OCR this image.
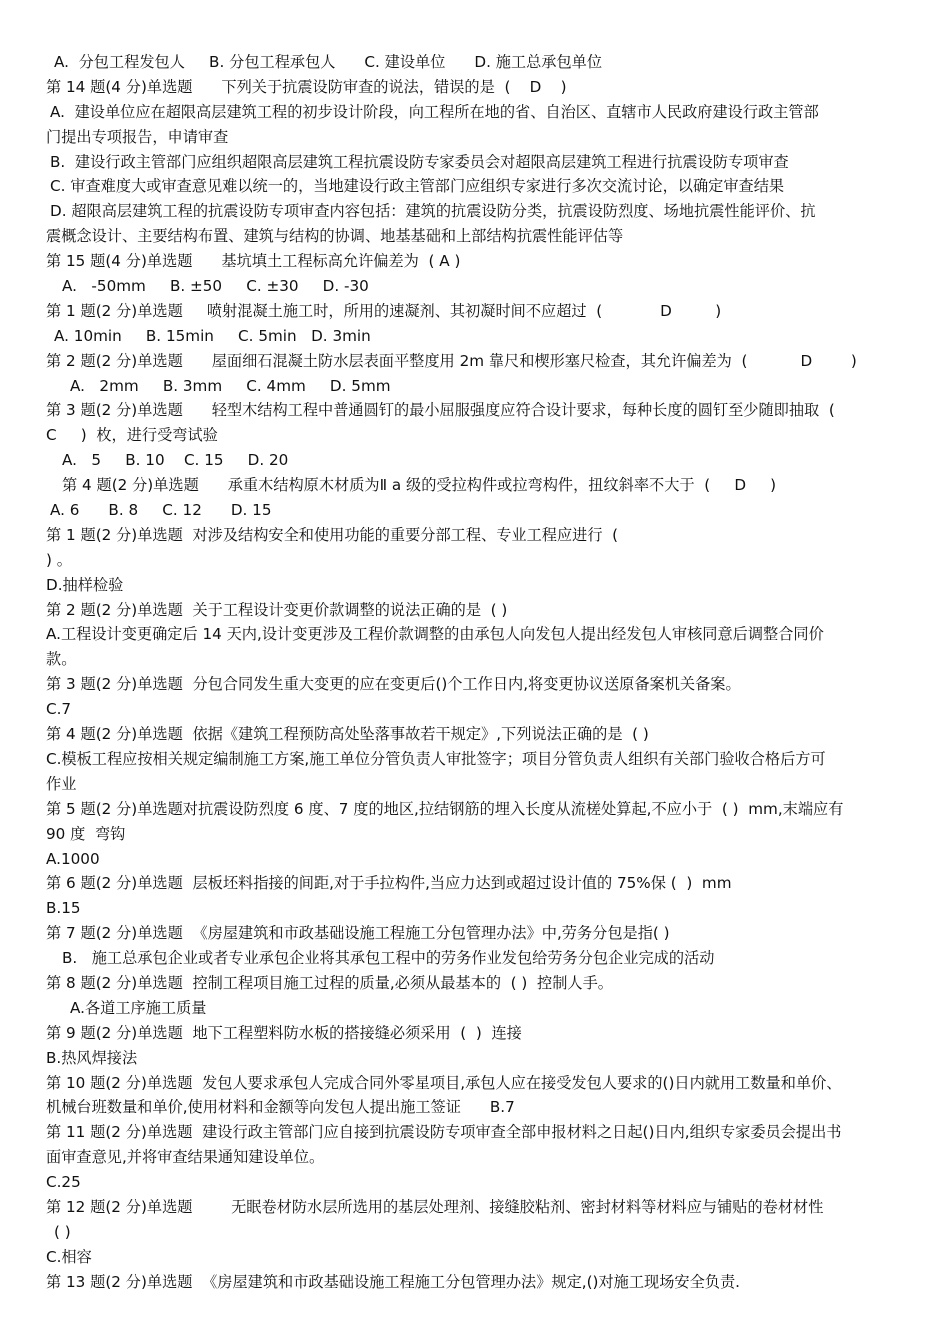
A.  分包工程发包人     B. 分包工程承包人      C. 建设单位      D. 施工总承包单位
第 14 题(4 分)单选题      下列关于抗震设防审查的说法，错误的是  (    D    )
A.  建设单位应在超限高层建筑工程的初步设计阶段，向工程所在地的省、自治区、直辖市人民政府建设行政主管部
门提出专项报告，申请审查
B.  建设行政主管部门应组织超限高层建筑工程抗震设防专家委员会对超限高层建筑工程进行抗震设防专项审查
C. 审查难度大或审查意见难以统一的，当地建设行政主管部门应组织专家进行多次交流讨论，以确定审查结果
D. 超限高层建筑工程的抗震设防专项审查内容包括：建筑的抗震设防分类，抗震设防烈度、场地抗震性能评价、抗
震概念设计、主要结构布置、建筑与结构的协调、地基基础和上部结构抗震性能评估等
第 15 题(4 分)单选题      基坑填土工程标高允许偏差为  ( A )
A.   -50mm     B. ±50     C. ±30     D. -30
第 1 题(2 分)单选题     喷射混凝土施工时，所用的速凝剂、其初凝时间不应超过  (            D         )
A. 10min     B. 15min     C. 5min   D. 3min
第 2 题(2 分)单选题      屋面细石混凝土防水层表面平整度用 2m 靠尺和楔形塞尺检查，其允许偏差为  (           D        )
A.   2mm     B. 3mm     C. 4mm     D. 5mm
第 3 题(2 分)单选题      轻型木结构工程中普通圆钉的最小屈服强度应符合设计要求，每种长度的圆钉至少随即抽取  (
C     )  枚，进行受弯试验
A.   5     B. 10    C. 15     D. 20
第 4 题(2 分)单选题      承重木结构原木材质为Ⅱ a 级的受拉构件或拉弯构件，扭纹斜率不大于  (     D     )
A. 6      B. 8     C. 12      D. 15
第 1 题(2 分)单选题  对涉及结构安全和使用功能的重要分部工程、专业工程应进行  (
) 。
D.抽样检验
第 2 题(2 分)单选题  关于工程设计变更价款调整的说法正确的是  ( )
A.工程设计变更确定后 14 天内,设计变更涉及工程价款调整的由承包人向发包人提出经发包人审核同意后调整合同价
款。
第 3 题(2 分)单选题  分包合同发生重大变更的应在变更后()个工作日内,将变更协议送原备案机关备案。
C.7
第 4 题(2 分)单选题  依据《建筑工程预防高处坠落事故若干规定》,下列说法正确的是  ( )
C.模板工程应按相关规定编制施工方案,施工单位分管负责人审批签字；项目分管负责人组织有关部门验收合格后方可
作业
第 5 题(2 分)单选题对抗震设防烈度 6 度、7 度的地区,拉结钢筋的埋入长度从流槎处算起,不应小于  ( )  mm,末端应有
90 度  弯钩
A.1000
第 6 题(2 分)单选题  层板坯料指接的间距,对于手拉构件,当应力达到或超过设计值的 75%保 (  )  mm
B.15
第 7 题(2 分)单选题  《房屋建筑和市政基础设施工程施工分包管理办法》中,劳务分包是指( )
B.   施工总承包企业或者专业承包企业将其承包工程中的劳务作业发包给劳务分包企业完成的活动
第 8 题(2 分)单选题  控制工程项目施工过程的质量,必须从最基本的  ( )  控制人手。
A.各道工序施工质量
第 9 题(2 分)单选题  地下工程塑料防水板的搭接缝必须采用  (  )  连接
B.热风焊接法
第 10 题(2 分)单选题  发包人要求承包人完成合同外零星项目,承包人应在接受发包人要求的()日内就用工数量和单价、
机械台班数量和单价,使用材料和金额等向发包人提出施工签证      B.7
第 11 题(2 分)单选题  建设行政主管部门应自接到抗震设防专项审查全部申报材料之日起()日内,组织专家委员会提出书
面审查意见,并将审查结果通知建设单位。
C.25
第 12 题(2 分)单选题        无眠卷材防水层所选用的基层处理剂、接缝胶粘剂、密封材料等材料应与铺贴的卷材材性
( )
C.相容
第 13 题(2 分)单选题  《房屋建筑和市政基础设施工程施工分包管理办法》规定,()对施工现场安全负责.
